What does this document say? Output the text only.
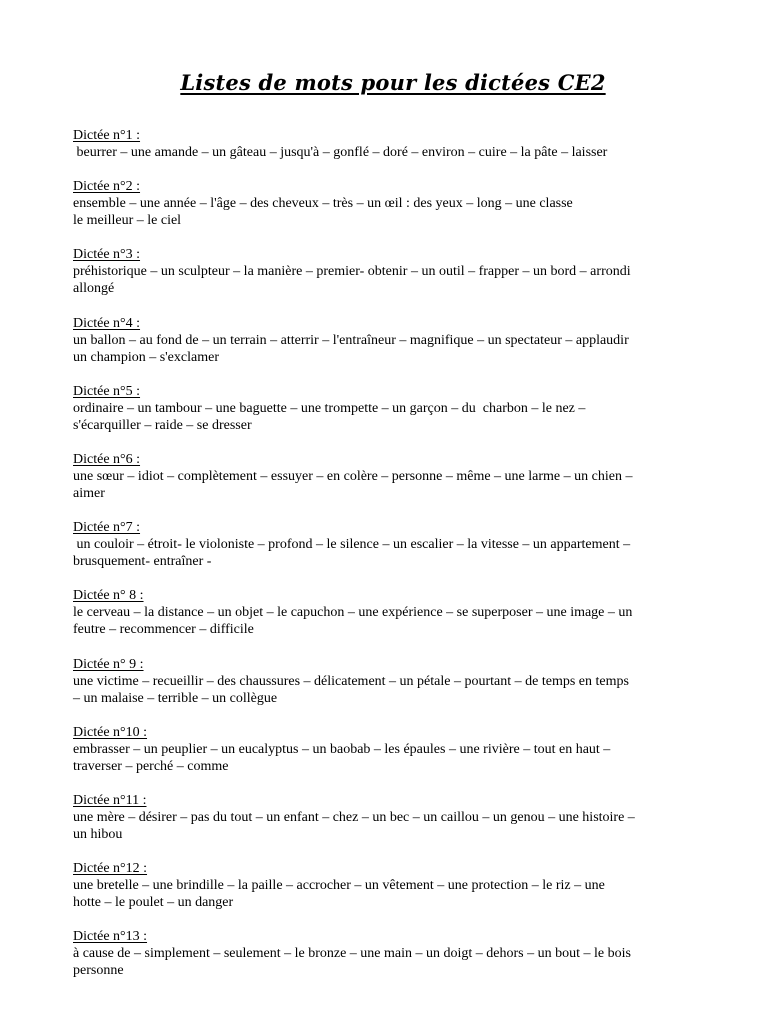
Listes de mots pour les dictées CE2
Dictée n°1 :
beurrer – une amande – un gâteau – jusqu'à – gonflé – doré – environ – cuire – la pâte – laisser
Dictée n°2 :
ensemble – une année – l'âge – des cheveux – très – un œil : des yeux – long – une classe
le meilleur – le ciel
Dictée n°3 :
préhistorique – un sculpteur – la manière – premier- obtenir – un outil – frapper – un bord – arrondi
allongé
Dictée n°4 :
un ballon – au fond de – un terrain – atterrir – l'entraîneur – magnifique – un spectateur – applaudir
un champion – s'exclamer
Dictée n°5 :
ordinaire – un tambour – une baguette – une trompette – un garçon – du  charbon – le nez –
s'écarquiller – raide – se dresser
Dictée n°6 :
une sœur – idiot – complètement – essuyer – en colère – personne – même – une larme – un chien –
aimer
Dictée n°7 :
un couloir – étroit- le violoniste – profond – le silence – un escalier – la vitesse – un appartement –
brusquement- entraîner -
Dictée n° 8 :
le cerveau – la distance – un objet – le capuchon – une expérience – se superposer – une image – un
feutre – recommencer – difficile
Dictée n° 9 :
une victime – recueillir – des chaussures – délicatement – un pétale – pourtant – de temps en temps
– un malaise – terrible – un collègue
Dictée n°10 :
embrasser – un peuplier – un eucalyptus – un baobab – les épaules – une rivière – tout en haut –
traverser – perché – comme
Dictée n°11 :
une mère – désirer – pas du tout – un enfant – chez – un bec – un caillou – un genou – une histoire –
un hibou
Dictée n°12 :
une bretelle – une brindille – la paille – accrocher – un vêtement – une protection – le riz – une
hotte – le poulet – un danger
Dictée n°13 :
à cause de – simplement – seulement – le bronze – une main – un doigt – dehors – un bout – le bois
personne
